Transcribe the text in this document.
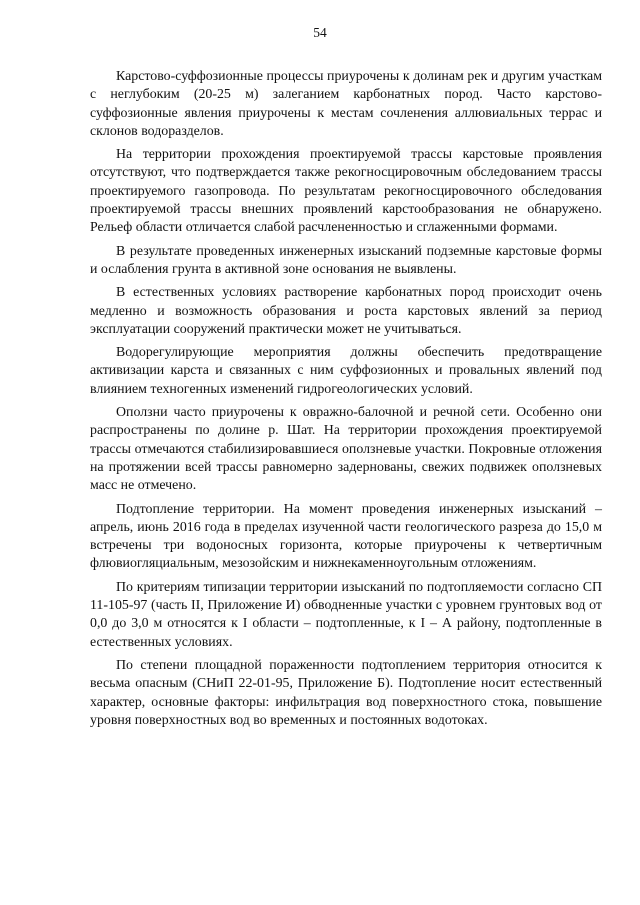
54

Карстово-суффозионные процессы приурочены к долинам рек и другим участкам с неглубоким (20-25 м) залеганием карбонатных пород. Часто карстово-суффозионные явления приурочены к местам сочленения аллювиальных террас и склонов водоразделов.

На территории прохождения проектируемой трассы карстовые проявления отсутствуют, что подтверждается также рекогносцировочным обследованием трассы проектируемого газопровода. По результатам рекогносцировочного обследования проектируемой трассы внешних проявлений карстообразования не обнаружено. Рельеф области отличается слабой расчлененностью и сглаженными формами.

В результате проведенных инженерных изысканий подземные карстовые формы и ослабления грунта в активной зоне основания не выявлены.

В естественных условиях растворение карбонатных пород происходит очень медленно и возможность образования и роста карстовых явлений за период эксплуатации сооружений практически может не учитываться.

Водорегулирующие мероприятия должны обеспечить предотвращение активизации карста и связанных с ним суффозионных и провальных явлений под влиянием техногенных изменений гидрогеологических условий.

Оползни часто приурочены к овражно-балочной и речной сети. Особенно они распространены по долине р. Шат. На территории прохождения проектируемой трассы отмечаются стабилизировавшиеся оползневые участки. Покровные отложения на протяжении всей трассы равномерно задернованы, свежих подвижек оползневых масс не отмечено.

Подтопление территории. На момент проведения инженерных изысканий – апрель, июнь 2016 года в пределах изученной части геологического разреза до 15,0 м встречены три водоносных горизонта, которые приурочены к четвертичным флювиогляциальным, мезозойским и нижнекаменноугольным отложениям.

По критериям типизации территории изысканий по подтопляемости согласно СП 11-105-97 (часть II, Приложение И) обводненные участки с уровнем грунтовых вод от 0,0 до 3,0 м относятся к I области – подтопленные, к I – А району, подтопленные в естественных условиях.

По степени площадной пораженности подтоплением территория относится к весьма опасным (СНиП 22-01-95, Приложение Б). Подтопление носит естественный характер, основные факторы: инфильтрация вод поверхностного стока, повышение уровня поверхностных вод во временных и постоянных водотоках.
